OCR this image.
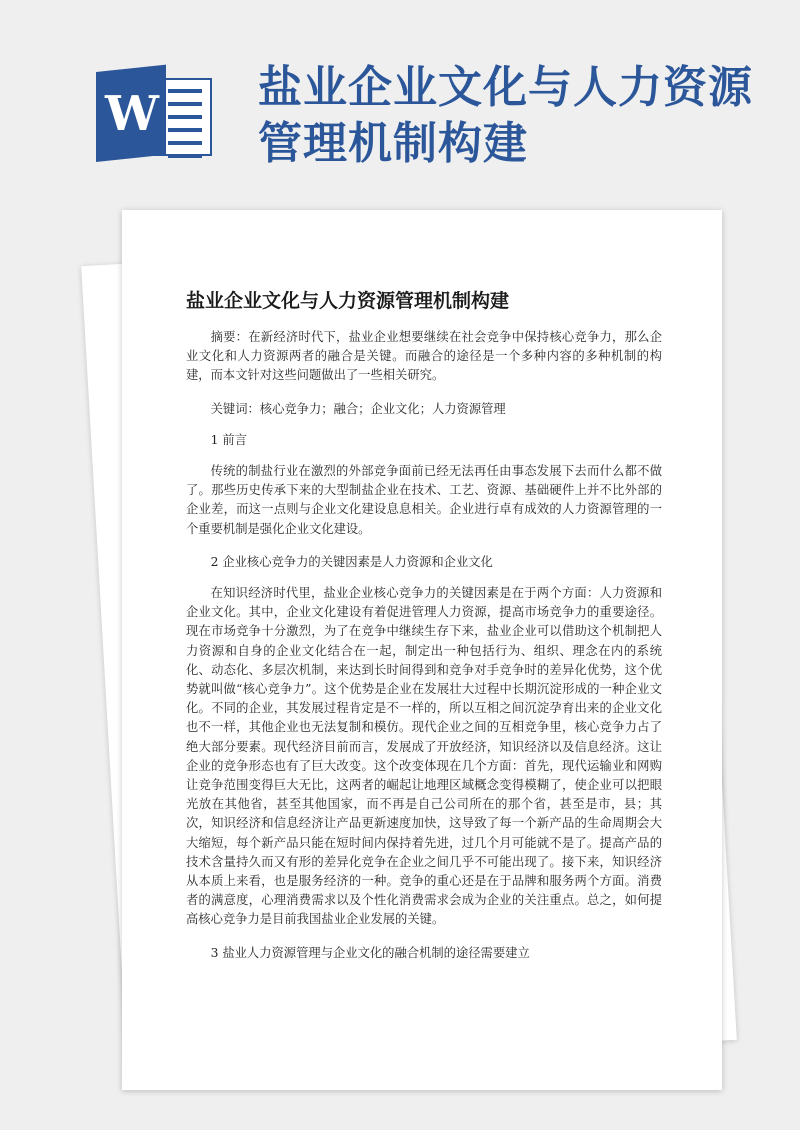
W 盐业企业文化与人力资源管理机制构建
盐业企业文化与人力资源管理机制构建

摘要：在新经济时代下，盐业企业想要继续在社会竞争中保持核心竞争力，那么企业文化和人力资源两者的融合是关键。而融合的途径是一个多种内容的多种机制的构建，而本文针对这些问题做出了一些相关研究。

关键词：核心竞争力；融合；企业文化；人力资源管理

1 前言

传统的制盐行业在激烈的外部竞争面前已经无法再任由事态发展下去而什么都不做了。那些历史传承下来的大型制盐企业在技术、工艺、资源、基础硬件上并不比外部的企业差，而这一点则与企业文化建设息息相关。企业进行卓有成效的人力资源管理的一个重要机制是强化企业文化建设。

2 企业核心竞争力的关键因素是人力资源和企业文化

在知识经济时代里，盐业企业核心竞争力的关键因素是在于两个方面：人力资源和企业文化。其中，企业文化建设有着促进管理人力资源，提高市场竞争力的重要途径。现在市场竞争十分激烈，为了在竞争中继续生存下来，盐业企业可以借助这个机制把人力资源和自身的企业文化结合在一起，制定出一种包括行为、组织、理念在内的系统化、动态化、多层次机制，来达到长时间得到和竞争对手竞争时的差异化优势，这个优势就叫做“核心竞争力”。这个优势是企业在发展壮大过程中长期沉淀形成的一种企业文化。不同的企业，其发展过程肯定是不一样的，所以互相之间沉淀孕育出来的企业文化也不一样，其他企业也无法复制和模仿。现代企业之间的互相竞争里，核心竞争力占了绝大部分要素。现代经济目前而言，发展成了开放经济，知识经济以及信息经济。这让企业的竞争形态也有了巨大改变。这个改变体现在几个方面：首先，现代运输业和网购让竞争范围变得巨大无比，这两者的崛起让地理区域概念变得模糊了，使企业可以把眼光放在其他省，甚至其他国家，而不再是自己公司所在的那个省，甚至是市，县；其次，知识经济和信息经济让产品更新速度加快，这导致了每一个新产品的生命周期会大大缩短，每个新产品只能在短时间内保持着先进，过几个月可能就不是了。提高产品的技术含量持久而又有形的差异化竞争在企业之间几乎不可能出现了。接下来，知识经济从本质上来看，也是服务经济的一种。竞争的重心还是在于品牌和服务两个方面。消费者的满意度，心理消费需求以及个性化消费需求会成为企业的关注重点。总之，如何提高核心竞争力是目前我国盐业企业发展的关键。

3 盐业人力资源管理与企业文化的融合机制的途径需要建立
